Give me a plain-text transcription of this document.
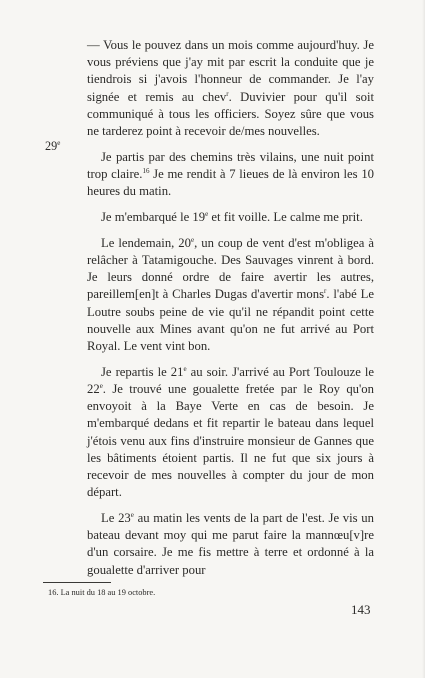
29e

— Vous le pouvez dans un mois comme aujourd'huy. Je vous préviens que j'ay mit par escrit la conduite que je tiendrois si j'avois l'honneur de commander. Je l'ay signée et remis au chev$^r$. Duvivier pour qu'il soit communiqué à tous les officiers. Soyez sûre que vous ne tarderez point à recevoir de/mes nouvelles.

Je partis par des chemins très vilains, une nuit point trop claire.$^{16}$ Je me rendit à 7 lieues de là environ les 10 heures du matin.

Je m'embarqué le 19e et fit voille. Le calme me prit.

Le lendemain, 20e, un coup de vent d'est m'obligea à relâcher à Tatamigouche. Des Sauvages vinrent à bord. Je leurs donné ordre de faire avertir les autres, pareillem[en]t à Charles Dugas d'avertir mons$^r$. l'abé Le Loutre soubs peine de vie qu'il ne répandit point cette nouvelle aux Mines avant qu'on ne fut arrivé au Port Royal. Le vent vint bon.

Je repartis le 21e au soir. J'arrivé au Port Toulouze le 22e. Je trouvé une goualette fretée par le Roy qu'on envoyoit à la Baye Verte en cas de besoin. Je m'embarqué dedans et fit repartir le bateau dans lequel j'étois venu aux fins d'instruire monsieur de Gannes que les bâtiments étoient partis. Il ne fut que six jours à recevoir de mes nouvelles à compter du jour de mon départ.

Le 23e au matin les vents de la part de l'est. Je vis un bateau devant moy qui me parut faire la mannœu[v]re d'un corsaire. Je me fis mettre à terre et ordonné à la goualette d'arriver pour

16. La nuit du 18 au 19 octobre.
143
